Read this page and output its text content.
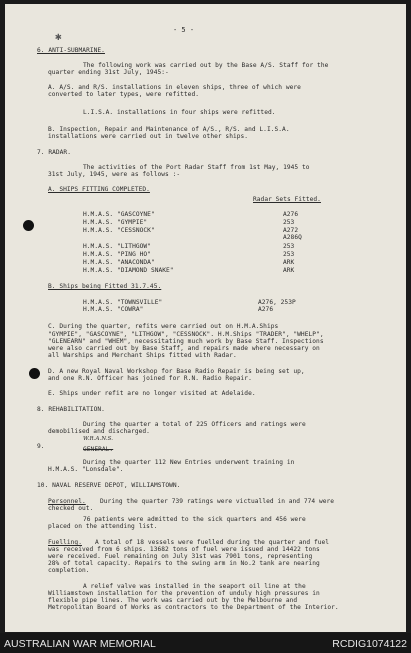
- 5 -
✱
6. ANTI-SUBMARINE.
The following work was carried out by the Base A/S. Staff for the
quarter ending 31st July, 1945:-
A. A/S. and R/S. installations in eleven ships, three of which were
converted to later types, were refitted.
L.I.S.A. installations in four ships were refitted.
B. Inspection, Repair and Maintenance of A/S., R/S. and L.I.S.A.
installations were carried out in twelve other ships.
7. RADAR.
The activities of the Port Radar Staff from 1st May, 1945 to
31st July, 1945, were as follows :-
A. SHIPS FITTING COMPLETED.
Radar Sets Fitted.
H.M.A.S. "GASCOYNE"	A276
H.M.A.S. "GYMPIE"	253
H.M.A.S. "CESSNOCK"	A272
A286Q
H.M.A.S. "LITHGOW"	253
H.M.A.S. "PING HO"	253
H.M.A.S. "ANACONDA"	ARK
H.M.A.S. "DIAMOND SNAKE"	ARK
B. Ships being Fitted 31.7.45.
H.M.A.S. "TOWNSVILLE"	A276, 253P
H.M.A.S. "COWRA"	A276
C. During the quarter, refits were carried out on H.M.A.Ships
"GYMPIE", "GASCOYNE", "LITHGOW", "CESSNOCK". H.M.Ships "TRADER", "WHELP",
"GLENEARN" and "WHEM", necessitating much work by Base Staff. Inspections
were also carried out by Base Staff, and repairs made where necessary on
all Warships and Merchant Ships fitted with Radar.
D. A new Royal Naval Workshop for Base Radio Repair is being set up,
and one R.N. Officer has joined for R.N. Radio Repair.
E. Ships under refit are no longer visited at Adelaide.
8. REHABILITATION.
During the quarter a total of 225 Officers and ratings were
demobilised and discharged.
W.R.A.N.S.
9.	GENERAL.
During the quarter 112 New Entries underwent training in
H.M.A.S. "Lonsdale".
10. NAVAL RESERVE DEPOT, WILLIAMSTOWN.
Personnel. During the quarter 739 ratings were victualled in and 774 were
checked out.
76 patients were admitted to the sick quarters and 456 were
placed on the attending list.
Fuelling. A total of 18 vessels were fuelled during the quarter and fuel
was received from 6 ships. 13682 tons of fuel were issued and 14422 tons
were received. Fuel remaining on July 31st was 7901 tons, representing
28% of total capacity. Repairs to the swing arm in No.2 tank are nearing
completion.
A relief valve was installed in the seaport oil line at the
Williamstown installation for the prevention of unduly high pressures in
flexible pipe lines. The work was carried out by the Melbourne and
Metropolitan Board of Works as contractors to the Department of the Interior.
AUSTRALIAN WAR MEMORIAL	RCDIG1074122
